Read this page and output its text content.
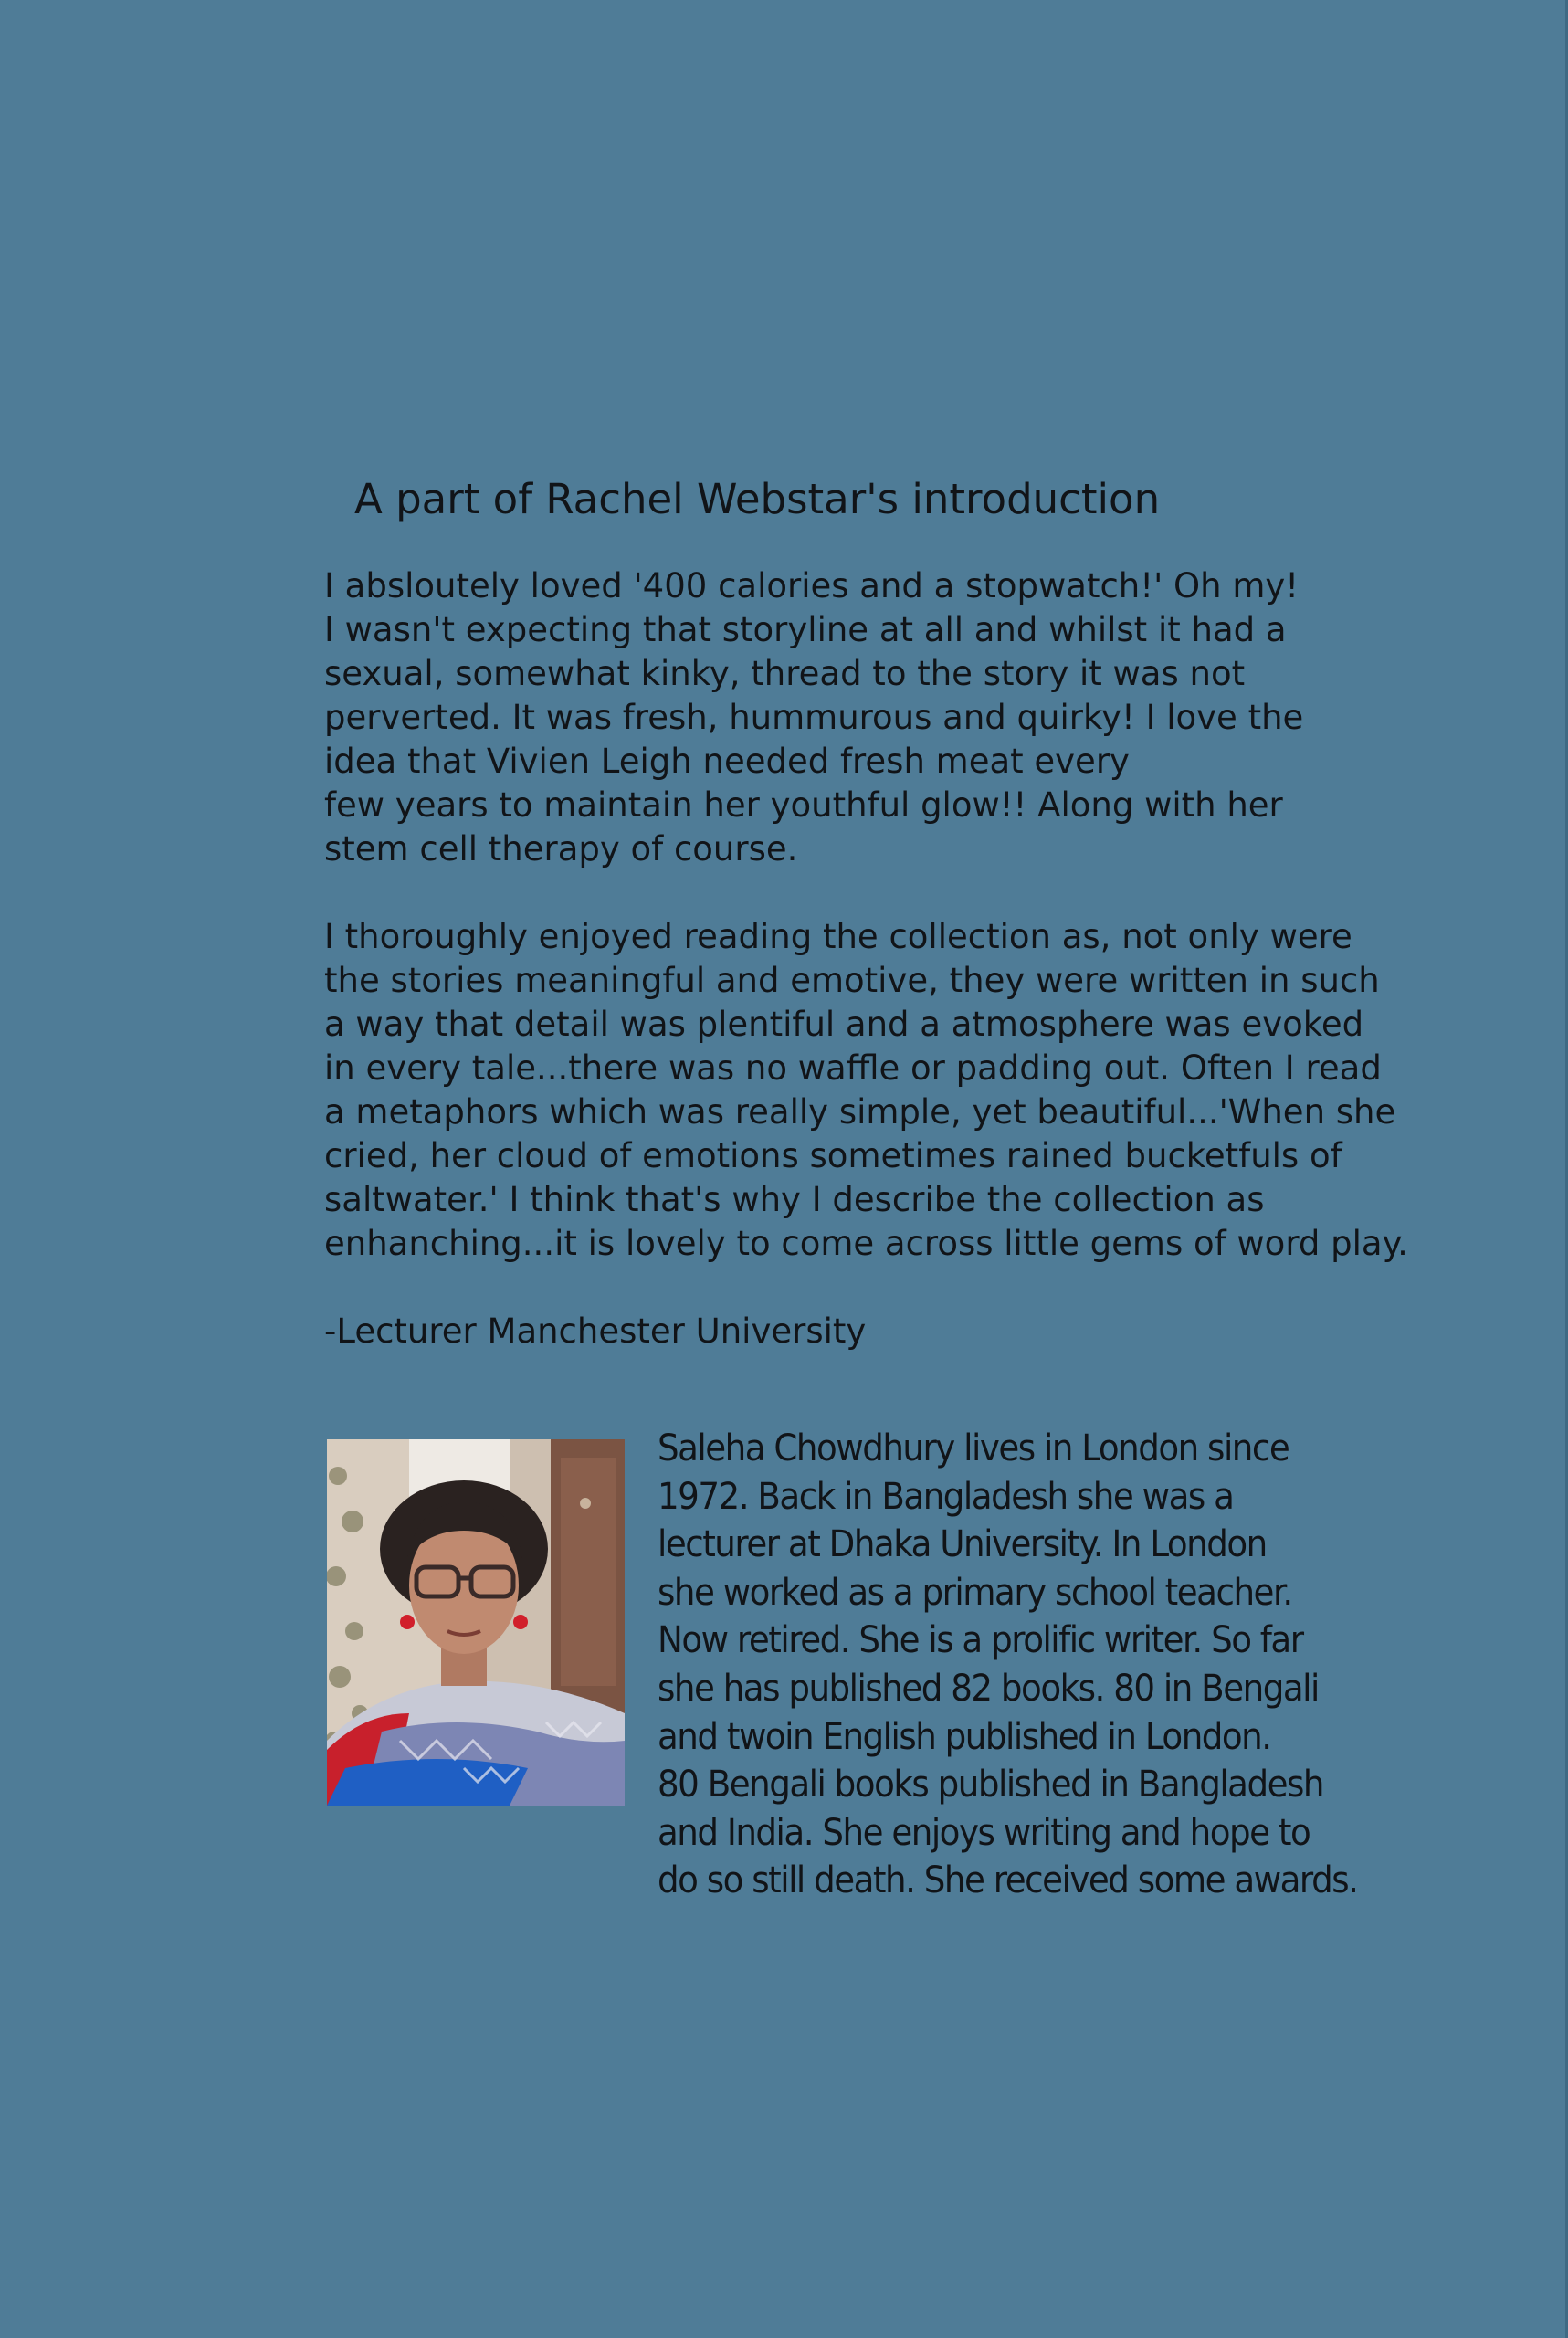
A part of Rachel Webstar's introduction

I absloutely loved '400 calories and a stopwatch!' Oh my!
I wasn't expecting that storyline at all and whilst it had a
sexual, somewhat kinky, thread to the story it was not
perverted. It was fresh, hummurous and quirky! I love the
idea that Vivien Leigh needed fresh meat every
few years to maintain her youthful glow!! Along with her
stem cell therapy of course.

I thoroughly enjoyed reading the collection as, not only were
the stories meaningful and emotive, they were written in such
a way that detail was plentiful and a atmosphere was evoked
in every tale...there was no waffle or padding out. Often I read
a metaphors which was really simple, yet beautiful...'When she
cried, her cloud of emotions sometimes rained bucketfuls of
saltwater.' I think that's why I describe the collection as
enhanching...it is lovely to come across little gems of word play.

-Lecturer Manchester University

Saleha Chowdhury lives in London since
1972. Back in Bangladesh she was a
lecturer at Dhaka University. In London
she worked as a primary school teacher.
Now retired. She is a prolific writer. So far
she has published 82 books. 80 in Bengali
and twoin English published in London.
80 Bengali books published in Bangladesh
and India. She enjoys writing and hope to
do so still death. She received some awards.
